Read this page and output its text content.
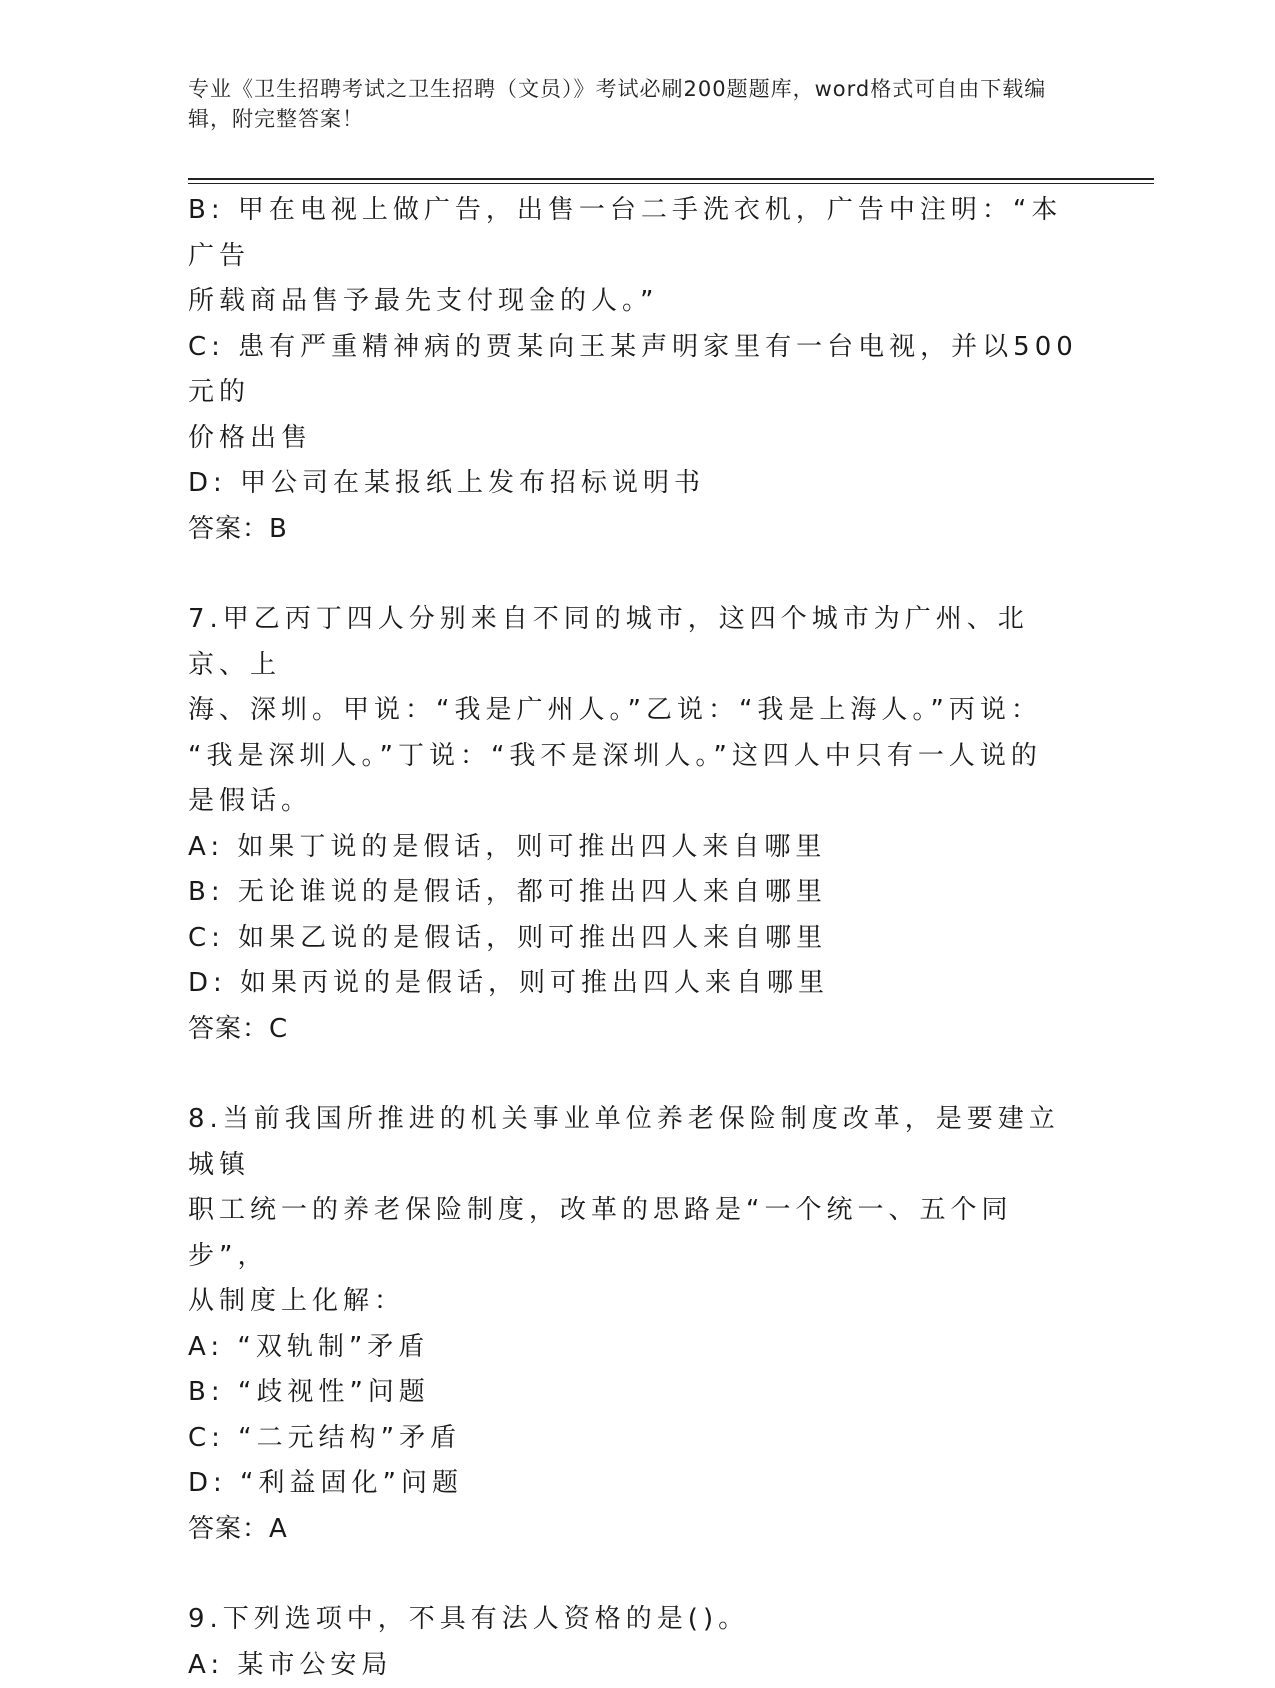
专业《卫生招聘考试之卫生招聘（文员）》考试必刷200题题库，word格式可自由下载编辑，附完整答案！
B: 甲在电视上做广告，出售一台二手洗衣机，广告中注明：“本广告
所载商品售予最先支付现金的人。”
C: 患有严重精神病的贾某向王某声明家里有一台电视，并以500元的
价格出售
D: 甲公司在某报纸上发布招标说明书
答案：B
7.甲乙丙丁四人分别来自不同的城市，这四个城市为广州、北京、上
海、深圳。甲说：“我是广州人。”乙说：“我是上海人。”丙说：
“我是深圳人。”丁说：“我不是深圳人。”这四人中只有一人说的
是假话。
A: 如果丁说的是假话，则可推出四人来自哪里
B: 无论谁说的是假话，都可推出四人来自哪里
C: 如果乙说的是假话，则可推出四人来自哪里
D: 如果丙说的是假话，则可推出四人来自哪里
答案：C
8.当前我国所推进的机关事业单位养老保险制度改革，是要建立城镇
职工统一的养老保险制度，改革的思路是“一个统一、五个同步”，
从制度上化解：
A: “双轨制”矛盾
B: “歧视性”问题
C: “二元结构”矛盾
D: “利益固化”问题
答案：A
9.下列选项中，不具有法人资格的是()。
A: 某市公安局
